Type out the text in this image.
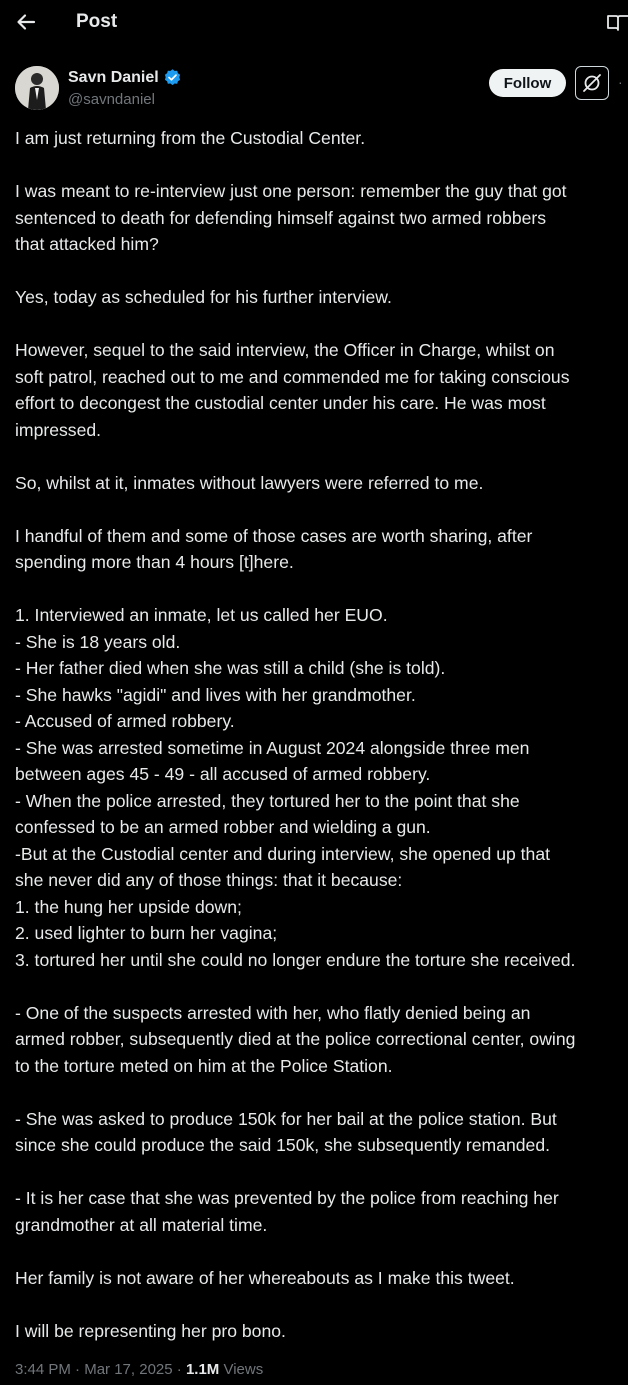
Post
Savn Daniel
@savndaniel
Follow	·
I am just returning from the Custodial Center.
I was meant to re-interview just one person: remember the guy that got
sentenced to death for defending himself against two armed robbers
that attacked him?
Yes, today as scheduled for his further interview.
However, sequel to the said interview, the Officer in Charge, whilst on
soft patrol, reached out to me and commended me for taking conscious
effort to decongest the custodial center under his care. He was most
impressed.
So, whilst at it, inmates without lawyers were referred to me.
I handful of them and some of those cases are worth sharing, after
spending more than 4 hours [t]here.
1. Interviewed an inmate, let us called her EUO.
- She is 18 years old.
- Her father died when she was still a child (she is told).
- She hawks "agidi" and lives with her grandmother.
- Accused of armed robbery.
- She was arrested sometime in August 2024 alongside three men
between ages 45 - 49 - all accused of armed robbery.
- When the police arrested, they tortured her to the point that she
confessed to be an armed robber and wielding a gun.
-But at the Custodial center and during interview, she opened up that
she never did any of those things: that it because:
1. the hung her upside down;
2. used lighter to burn her vagina;
3. tortured her until she could no longer endure the torture she received.
- One of the suspects arrested with her, who flatly denied being an
armed robber, subsequently died at the police correctional center, owing
to the torture meted on him at the Police Station.
- She was asked to produce 150k for her bail at the police station. But
since she could produce the said 150k, she subsequently remanded.
- It is her case that she was prevented by the police from reaching her
grandmother at all material time.
Her family is not aware of her whereabouts as I make this tweet.
I will be representing her pro bono.
3:44 PM · Mar 17, 2025 · 1.1M Views
